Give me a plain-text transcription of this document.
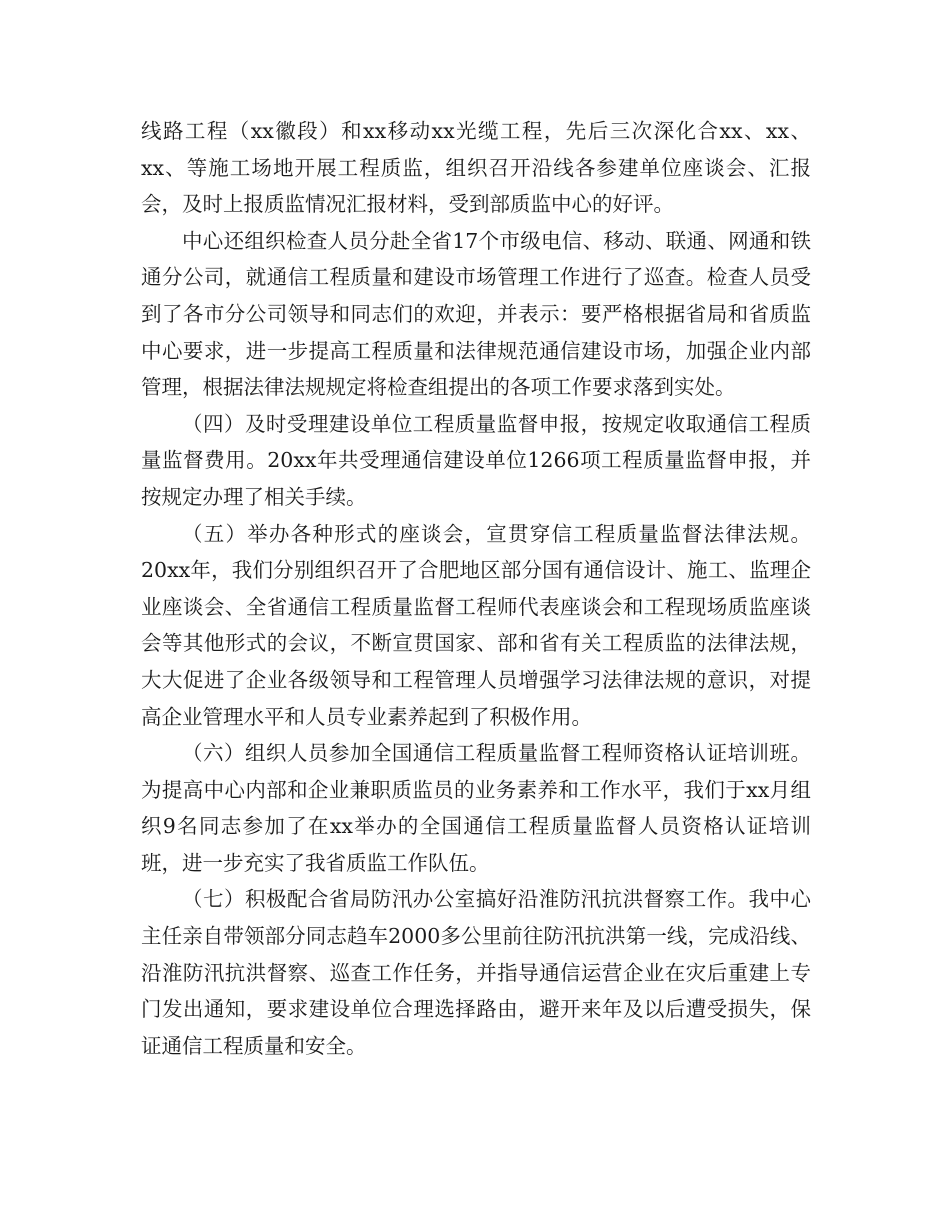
线路工程（xx徽段）和xx移动xx光缆工程，先后三次深化合xx、xx、xx、等施工场地开展工程质监，组织召开沿线各参建单位座谈会、汇报会，及时上报质监情况汇报材料，受到部质监中心的好评。

中心还组织检查人员分赴全省17个市级电信、移动、联通、网通和铁通分公司，就通信工程质量和建设市场管理工作进行了巡查。检查人员受到了各市分公司领导和同志们的欢迎，并表示：要严格根据省局和省质监中心要求，进一步提高工程质量和法律规范通信建设市场，加强企业内部管理，根据法律法规规定将检查组提出的各项工作要求落到实处。

（四）及时受理建设单位工程质量监督申报，按规定收取通信工程质量监督费用。20xx年共受理通信建设单位1266项工程质量监督申报，并按规定办理了相关手续。

（五）举办各种形式的座谈会，宣贯穿信工程质量监督法律法规。20xx年，我们分别组织召开了合肥地区部分国有通信设计、施工、监理企业座谈会、全省通信工程质量监督工程师代表座谈会和工程现场质监座谈会等其他形式的会议，不断宣贯国家、部和省有关工程质监的法律法规，大大促进了企业各级领导和工程管理人员增强学习法律法规的意识，对提高企业管理水平和人员专业素养起到了积极作用。

（六）组织人员参加全国通信工程质量监督工程师资格认证培训班。为提高中心内部和企业兼职质监员的业务素养和工作水平，我们于xx月组织9名同志参加了在xx举办的全国通信工程质量监督人员资格认证培训班，进一步充实了我省质监工作队伍。

（七）积极配合省局防汛办公室搞好沿淮防汛抗洪督察工作。我中心主任亲自带领部分同志趋车2000多公里前往防汛抗洪第一线，完成沿线、沿淮防汛抗洪督察、巡查工作任务，并指导通信运营企业在灾后重建上专门发出通知，要求建设单位合理选择路由，避开来年及以后遭受损失，保证通信工程质量和安全。
